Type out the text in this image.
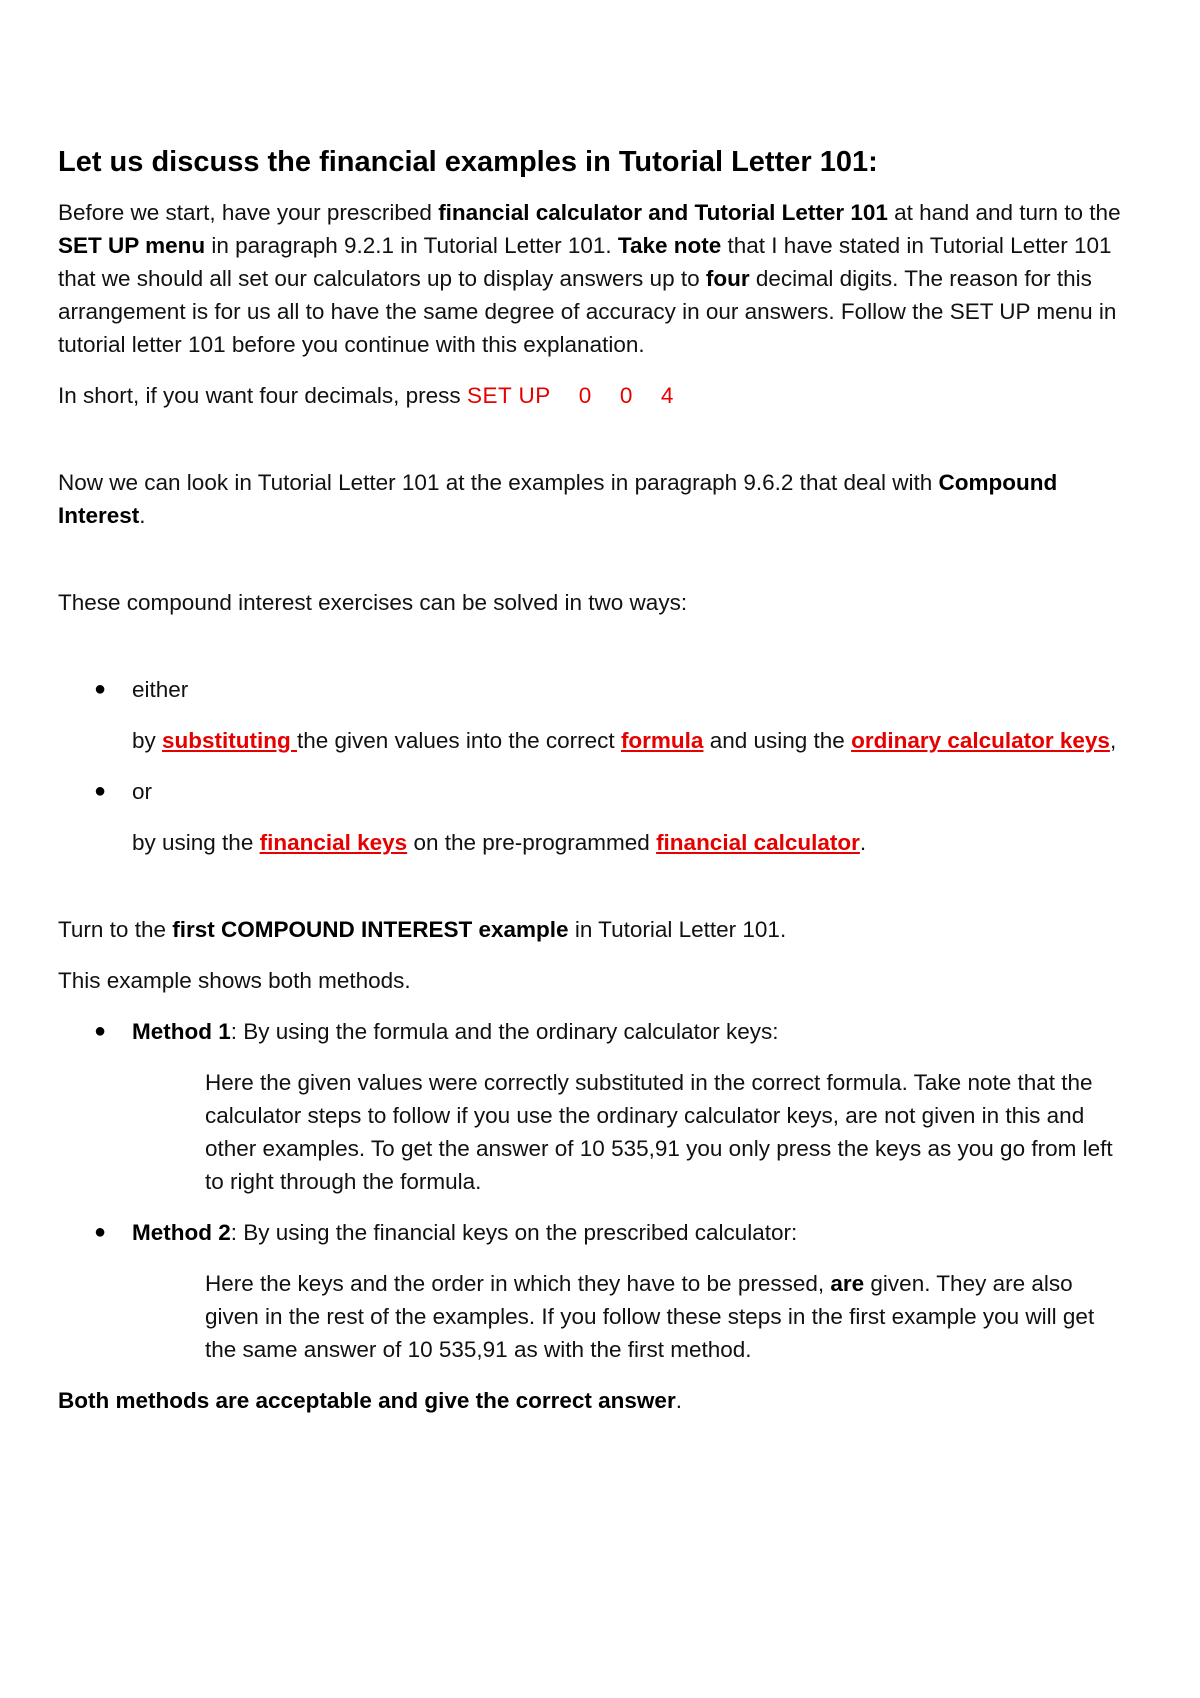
Let us discuss the financial examples in Tutorial Letter 101:

Before we start, have your prescribed financial calculator and Tutorial Letter 101 at hand and turn to the SET UP menu in paragraph 9.2.1 in Tutorial Letter 101. Take note that I have stated in Tutorial Letter 101 that we should all set our calculators up to display answers up to four decimal digits. The reason for this arrangement is for us all to have the same degree of accuracy in our answers. Follow the SET UP menu in tutorial letter 101 before you continue with this explanation.

In short, if you want four decimals, press SET UP 0 0 4

Now we can look in Tutorial Letter 101 at the examples in paragraph 9.6.2 that deal with Compound Interest.

These compound interest exercises can be solved in two ways:

● either

by substituting the given values into the correct formula and using the ordinary calculator keys,

● or

by using the financial keys on the pre-programmed financial calculator.

Turn to the first COMPOUND INTEREST example in Tutorial Letter 101.

This example shows both methods.

● Method 1: By using the formula and the ordinary calculator keys:

Here the given values were correctly substituted in the correct formula. Take note that the calculator steps to follow if you use the ordinary calculator keys, are not given in this and other examples. To get the answer of 10 535,91 you only press the keys as you go from left to right through the formula.

● Method 2: By using the financial keys on the prescribed calculator:

Here the keys and the order in which they have to be pressed, are given. They are also given in the rest of the examples. If you follow these steps in the first example you will get the same answer of 10 535,91 as with the first method.

Both methods are acceptable and give the correct answer.
